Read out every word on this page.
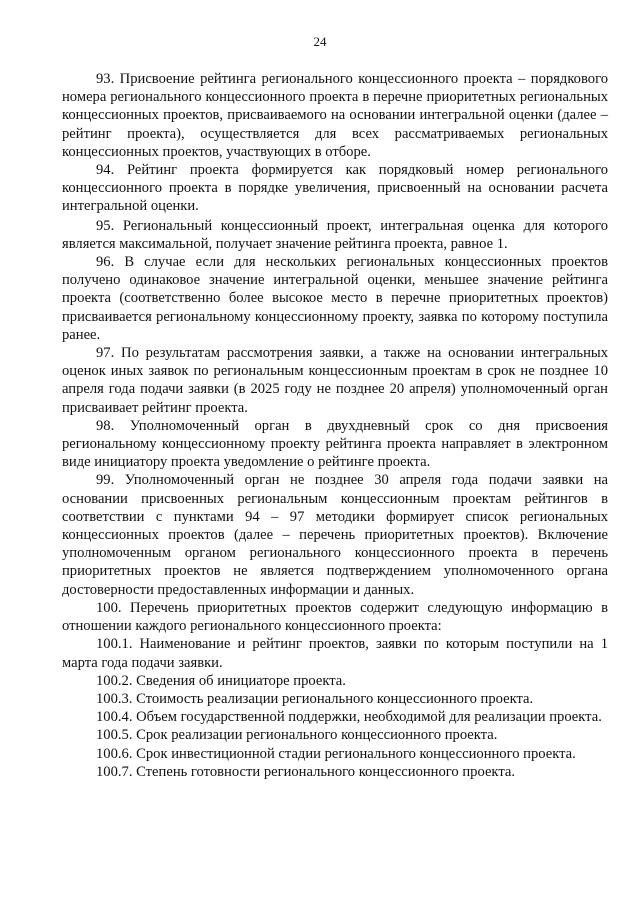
24

93. Присвоение рейтинга регионального концессионного проекта – порядкового номера регионального концессионного проекта в перечне приоритетных региональных концессионных проектов, присваиваемого на основании интегральной оценки (далее – рейтинг проекта), осуществляется для всех рассматриваемых региональных концессионных проектов, участвующих в отборе.

94. Рейтинг проекта формируется как порядковый номер регионального концессионного проекта в порядке увеличения, присвоенный на основании расчета интегральной оценки.

95. Региональный концессионный проект, интегральная оценка для которого является максимальной, получает значение рейтинга проекта, равное 1.

96. В случае если для нескольких региональных концессионных проектов получено одинаковое значение интегральной оценки, меньшее значение рейтинга проекта (соответственно более высокое место в перечне приоритетных проектов) присваивается региональному концессионному проекту, заявка по которому поступила ранее.

97. По результатам рассмотрения заявки, а также на основании интегральных оценок иных заявок по региональным концессионным проектам в срок не позднее 10 апреля года подачи заявки (в 2025 году не позднее 20 апреля) уполномоченный орган присваивает рейтинг проекта.

98. Уполномоченный орган в двухдневный срок со дня присвоения региональному концессионному проекту рейтинга проекта направляет в электронном виде инициатору проекта уведомление о рейтинге проекта.

99. Уполномоченный орган не позднее 30 апреля года подачи заявки на основании присвоенных региональным концессионным проектам рейтингов в соответствии с пунктами 94 – 97 методики формирует список региональных концессионных проектов (далее – перечень приоритетных проектов). Включение уполномоченным органом регионального концессионного проекта в перечень приоритетных проектов не является подтверждением уполномоченного органа достоверности предоставленных информации и данных.

100. Перечень приоритетных проектов содержит следующую информацию в отношении каждого регионального концессионного проекта:

100.1. Наименование и рейтинг проектов, заявки по которым поступили на 1 марта года подачи заявки.

100.2. Сведения об инициаторе проекта.

100.3. Стоимость реализации регионального концессионного проекта.

100.4. Объем государственной поддержки, необходимой для реализации проекта.

100.5. Срок реализации регионального концессионного проекта.

100.6. Срок инвестиционной стадии регионального концессионного проекта.

100.7. Степень готовности регионального концессионного проекта.
